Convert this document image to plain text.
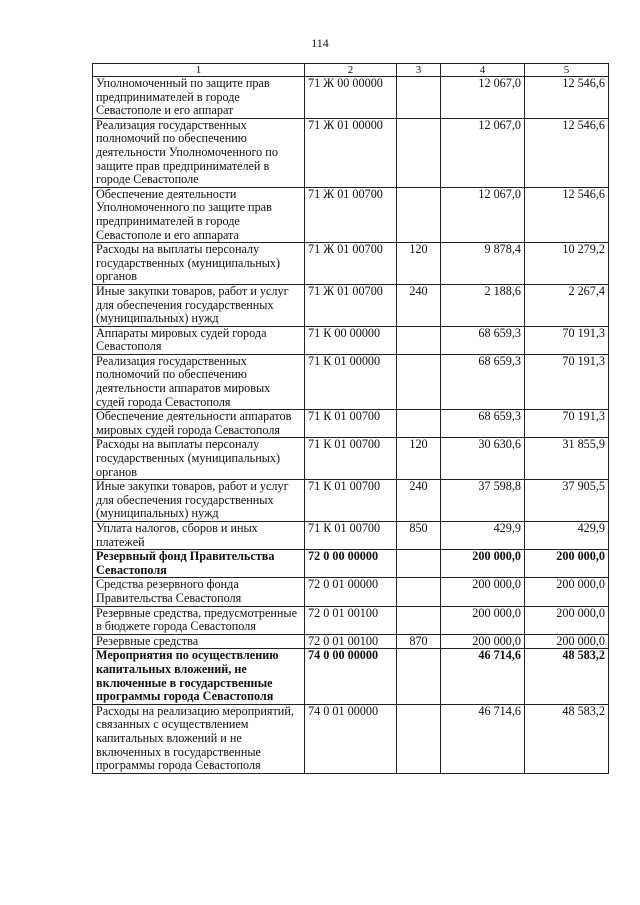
114
1	2	3	4	5
Уполномоченный по защите прав предпринимателей в городе Севастополе и его аппарат	71 Ж 00 00000		12 067,0	12 546,6
Реализация государственных полномочий по обеспечению деятельности Уполномоченного по защите прав предпринимателей в городе Севастополе	71 Ж 01 00000		12 067,0	12 546,6
Обеспечение деятельности Уполномоченного по защите прав предпринимателей в городе Севастополе и его аппарата	71 Ж 01 00700		12 067,0	12 546,6
Расходы на выплаты персоналу государственных (муниципальных) органов	71 Ж 01 00700	120	9 878,4	10 279,2
Иные закупки товаров, работ и услуг для обеспечения государственных (муниципальных) нужд	71 Ж 01 00700	240	2 188,6	2 267,4
Аппараты мировых судей города Севастополя	71 К 00 00000		68 659,3	70 191,3
Реализация государственных полномочий по обеспечению деятельности аппаратов мировых судей города Севастополя	71 К 01 00000		68 659,3	70 191,3
Обеспечение деятельности аппаратов мировых судей города Севастополя	71 К 01 00700		68 659,3	70 191,3
Расходы на выплаты персоналу государственных (муниципальных) органов	71 К 01 00700	120	30 630,6	31 855,9
Иные закупки товаров, работ и услуг для обеспечения государственных (муниципальных) нужд	71 К 01 00700	240	37 598,8	37 905,5
Уплата налогов, сборов и иных платежей	71 К 01 00700	850	429,9	429,9
Резервный фонд Правительства Севастополя	72 0 00 00000		200 000,0	200 000,0
Средства резервного фонда Правительства Севастополя	72 0 01 00000		200 000,0	200 000,0
Резервные средства, предусмотренные в бюджете города Севастополя	72 0 01 00100		200 000,0	200 000,0
Резервные средства	72 0 01 00100	870	200 000,0	200 000,0
Мероприятия по осуществлению капитальных вложений, не включенные в государственные программы города Севастополя	74 0 00 00000		46 714,6	48 583,2
Расходы на реализацию мероприятий, связанных с осуществлением капитальных вложений и не включенных в государственные программы города Севастополя	74 0 01 00000		46 714,6	48 583,2
